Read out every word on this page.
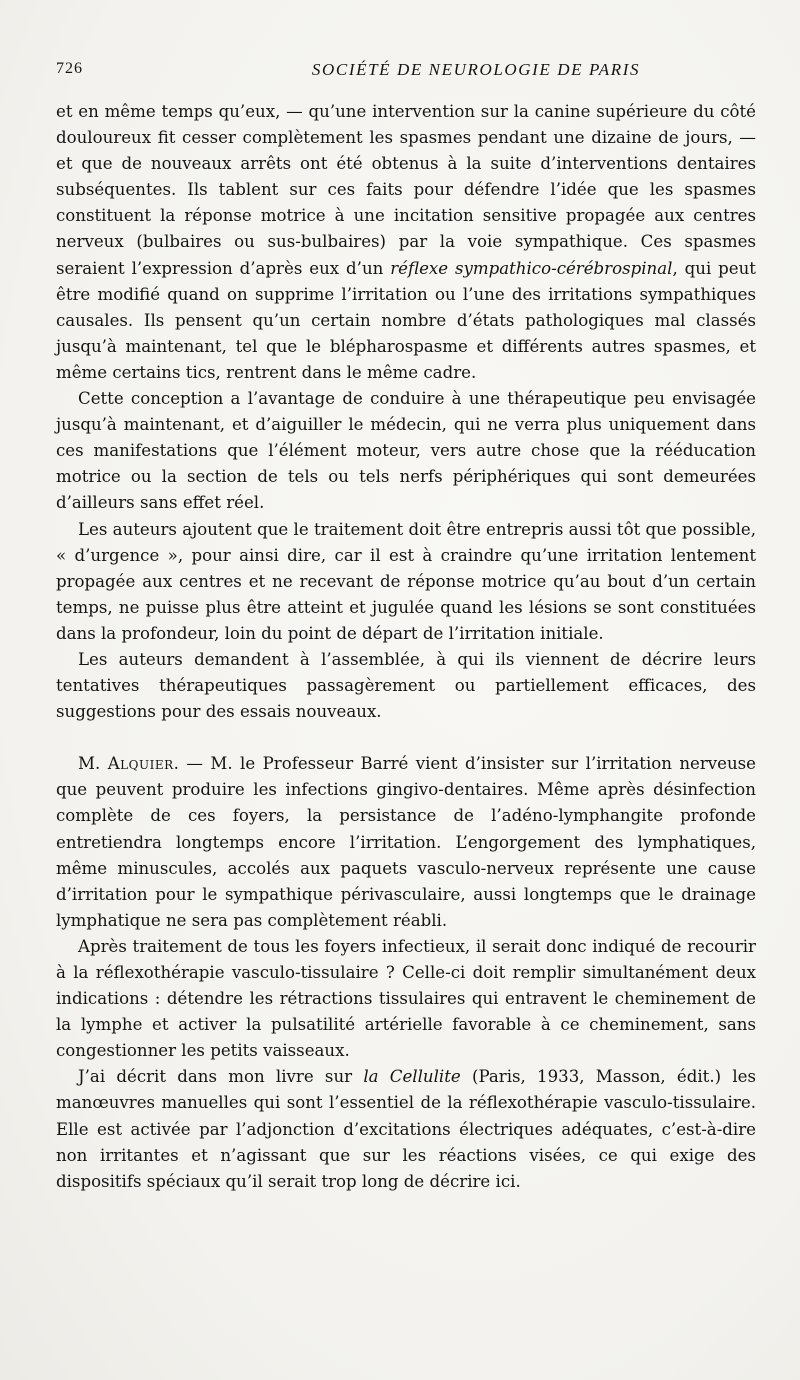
726	SOCIÉTÉ DE NEUROLOGIE DE PARIS

et en même temps qu’eux, — qu’une intervention sur la canine supérieure du côté douloureux fit cesser complètement les spasmes pendant une dizaine de jours, — et que de nouveaux arrêts ont été obtenus à la suite d’interventions dentaires subséquentes. Ils tablent sur ces faits pour défendre l’idée que les spasmes constituent la réponse motrice à une incitation sensitive propagée aux centres nerveux (bulbaires ou sus-bulbaires) par la voie sympathique. Ces spasmes seraient l’expression d’après eux d’un réflexe sympathico-cérébrospinal, qui peut être modifié quand on supprime l’irritation ou l’une des irritations sympathiques causales. Ils pensent qu’un certain nombre d’états pathologiques mal classés jusqu’à maintenant, tel que le blépharospasme et différents autres spasmes, et même certains tics, rentrent dans le même cadre.

Cette conception a l’avantage de conduire à une thérapeutique peu envisagée jusqu’à maintenant, et d’aiguiller le médecin, qui ne verra plus uniquement dans ces manifestations que l’élément moteur, vers autre chose que la rééducation motrice ou la section de tels ou tels nerfs périphériques qui sont demeurées d’ailleurs sans effet réel.

Les auteurs ajoutent que le traitement doit être entrepris aussi tôt que possible, « d’urgence », pour ainsi dire, car il est à craindre qu’une irritation lentement propagée aux centres et ne recevant de réponse motrice qu’au bout d’un certain temps, ne puisse plus être atteint et jugulée quand les lésions se sont constituées dans la profondeur, loin du point de départ de l’irritation initiale.

Les auteurs demandent à l’assemblée, à qui ils viennent de décrire leurs tentatives thérapeutiques passagèrement ou partiellement efficaces, des suggestions pour des essais nouveaux.

M. Alquier. — M. le Professeur Barré vient d’insister sur l’irritation nerveuse que peuvent produire les infections gingivo-dentaires. Même après désinfection complète de ces foyers, la persistance de l’adéno-lymphangite profonde entretiendra longtemps encore l’irritation. L’engorgement des lymphatiques, même minuscules, accolés aux paquets vasculo-nerveux représente une cause d’irritation pour le sympathique périvasculaire, aussi longtemps que le drainage lymphatique ne sera pas complètement réabli.

Après traitement de tous les foyers infectieux, il serait donc indiqué de recourir à la réflexothérapie vasculo-tissulaire ? Celle-ci doit remplir simultanément deux indications : détendre les rétractions tissulaires qui entravent le cheminement de la lymphe et activer la pulsatilité artérielle favorable à ce cheminement, sans congestionner les petits vaisseaux.

J’ai décrit dans mon livre sur la Cellulite (Paris, 1933, Masson, édit.) les manœuvres manuelles qui sont l’essentiel de la réflexothérapie vasculo-tissulaire. Elle est activée par l’adjonction d’excitations électriques adéquates, c’est-à-dire non irritantes et n’agissant que sur les réactions visées, ce qui exige des dispositifs spéciaux qu’il serait trop long de décrire ici.
